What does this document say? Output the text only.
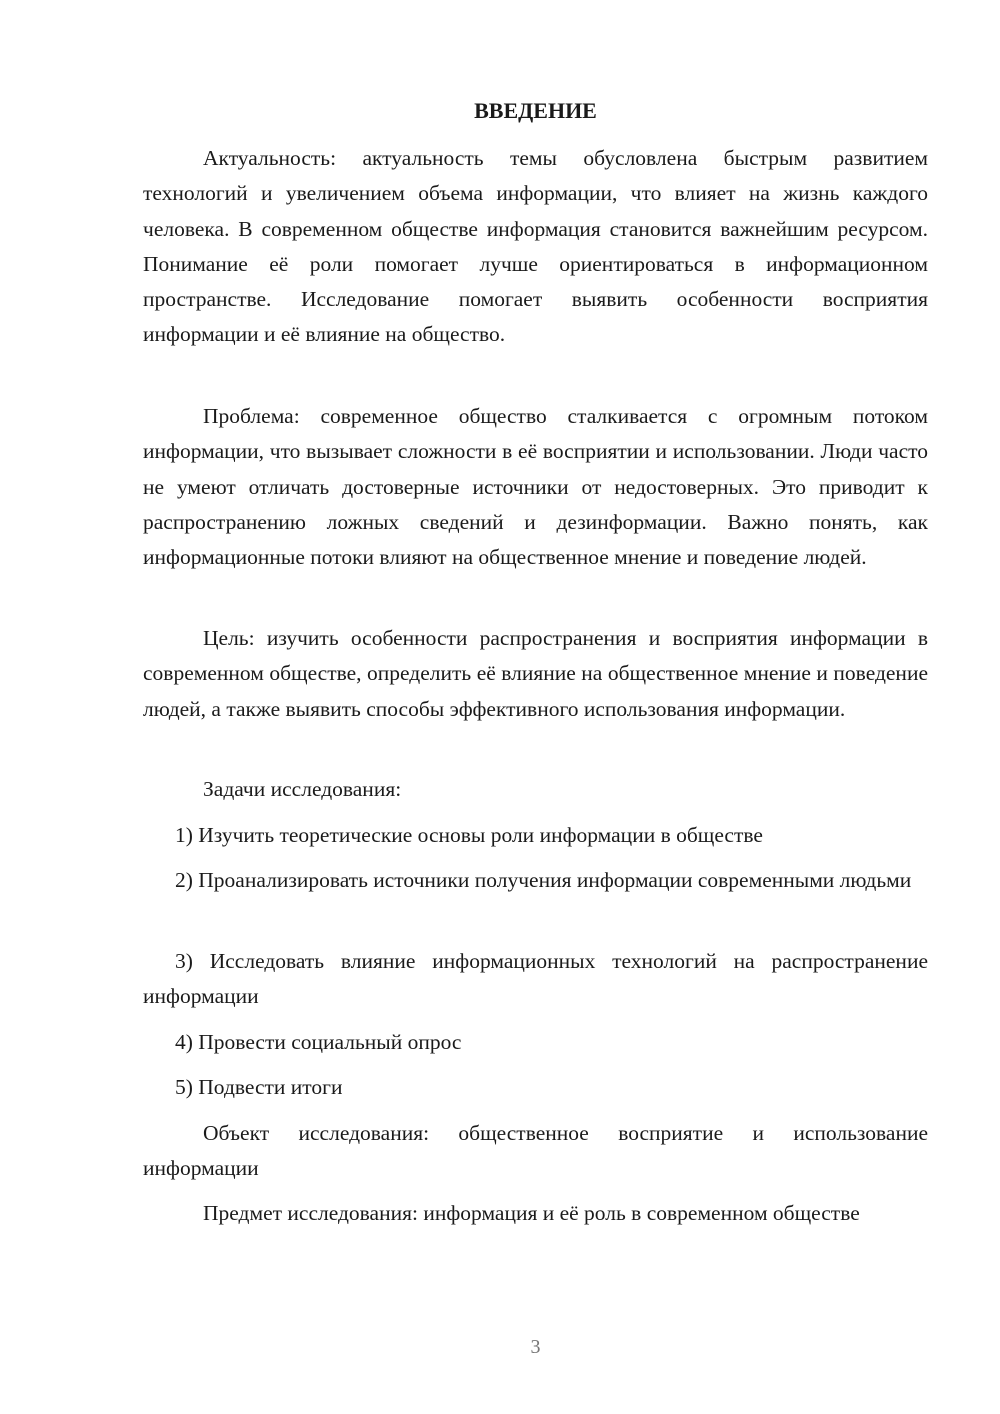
ВВЕДЕНИЕ

Актуальность: актуальность темы обусловлена быстрым развитием технологий и увеличением объема информации, что влияет на жизнь каждого человека. В современном обществе информация становится важнейшим ресурсом. Понимание её роли помогает лучше ориентироваться в информационном пространстве. Исследование помогает выявить особенности восприятия информации и её влияние на общество.

Проблема: современное общество сталкивается с огромным потоком информации, что вызывает сложности в её восприятии и использовании. Люди часто не умеют отличать достоверные источники от недостоверных. Это приводит к распространению ложных сведений и дезинформации. Важно понять, как информационные потоки влияют на общественное мнение и поведение людей.

Цель: изучить особенности распространения и восприятия информации в современном обществе, определить её влияние на общественное мнение и поведение людей, а также выявить способы эффективного использования информации.

Задачи исследования:

1) Изучить теоретические основы роли информации в обществе

2) Проанализировать источники получения информации современными людьми

3) Исследовать влияние информационных технологий на распространение информации

4) Провести социальный опрос

5) Подвести итоги

Объект исследования: общественное восприятие и использование информации

Предмет исследования: информация и её роль в современном обществе

3
